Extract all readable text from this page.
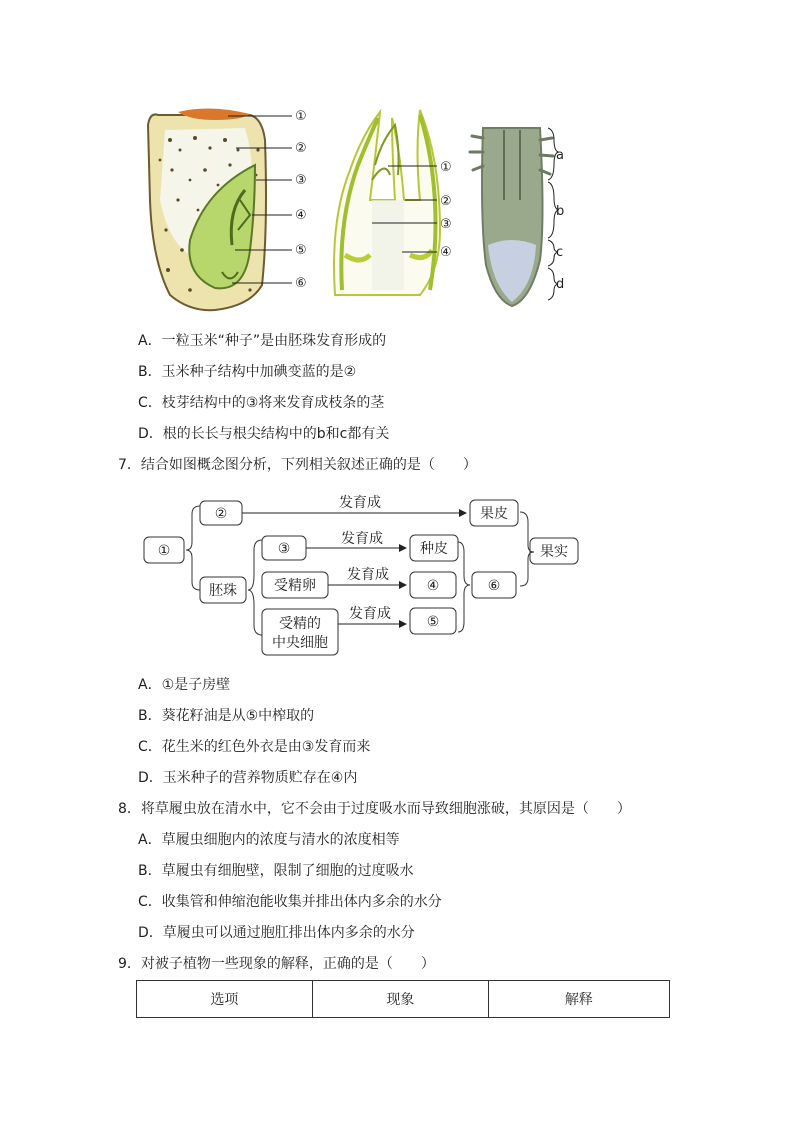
①
②
③
④
⑤
⑥
①
②
③
④
a
b
c
d
A．一粒玉米“种子”是由胚珠发育形成的
B．玉米种子结构中加碘变蓝的是②
C．枝芽结构中的③将来发育成枝条的茎
D．根的长长与根尖结构中的b和c都有关
7．结合如图概念图分析，下列相关叙述正确的是（　　）
①
②
胚珠
③
受精卵
受精的
中央细胞
果皮
种皮
④
⑤
⑥
果实
发育成
发育成
发育成
发育成
A．①是子房壁
B．葵花籽油是从⑤中榨取的
C．花生米的红色外衣是由③发育而来
D．玉米种子的营养物质贮存在④内
8．将草履虫放在清水中，它不会由于过度吸水而导致细胞涨破，其原因是（　　）
A．草履虫细胞内的浓度与清水的浓度相等
B．草履虫有细胞壁，限制了细胞的过度吸水
C．收集管和伸缩泡能收集并排出体内多余的水分
D．草履虫可以通过胞肛排出体内多余的水分
9．对被子植物一些现象的解释，正确的是（　　）
选项	现象	解释
